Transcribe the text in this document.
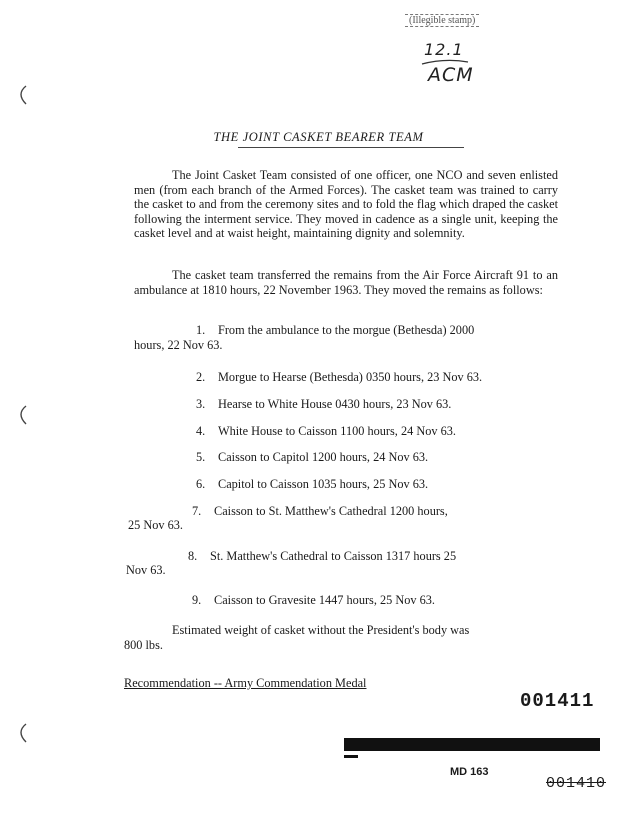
(Illegible stamp)
12.1
ACM
THE JOINT CASKET BEARER TEAM
The Joint Casket Team consisted of one officer, one NCO and seven enlisted men (from each branch of the Armed Forces). The casket team was trained to carry the casket to and from the ceremony sites and to fold the flag which draped the casket following the interment service. They moved in cadence as a single unit, keeping the casket level and at waist height, maintaining dignity and solemnity.
The casket team transferred the remains from the Air Force Aircraft 91 to an ambulance at 1810 hours, 22 November 1963. They moved the remains as follows:
1. From the ambulance to the morgue (Bethesda) 2000
hours, 22 Nov 63.
2. Morgue to Hearse (Bethesda) 0350 hours, 23 Nov 63.
3. Hearse to White House 0430 hours, 23 Nov 63.
4. White House to Caisson 1100 hours, 24 Nov 63.
5. Caisson to Capitol 1200 hours, 24 Nov 63.
6. Capitol to Caisson 1035 hours, 25 Nov 63.
7. Caisson to St. Matthew's Cathedral 1200 hours,
25 Nov 63.
8. St. Matthew's Cathedral to Caisson 1317 hours 25
Nov 63.
9. Caisson to Gravesite 1447 hours, 25 Nov 63.
Estimated weight of casket without the President's body was
800 lbs.
Recommendation -- Army Commendation Medal
001411
MD 163
001410
